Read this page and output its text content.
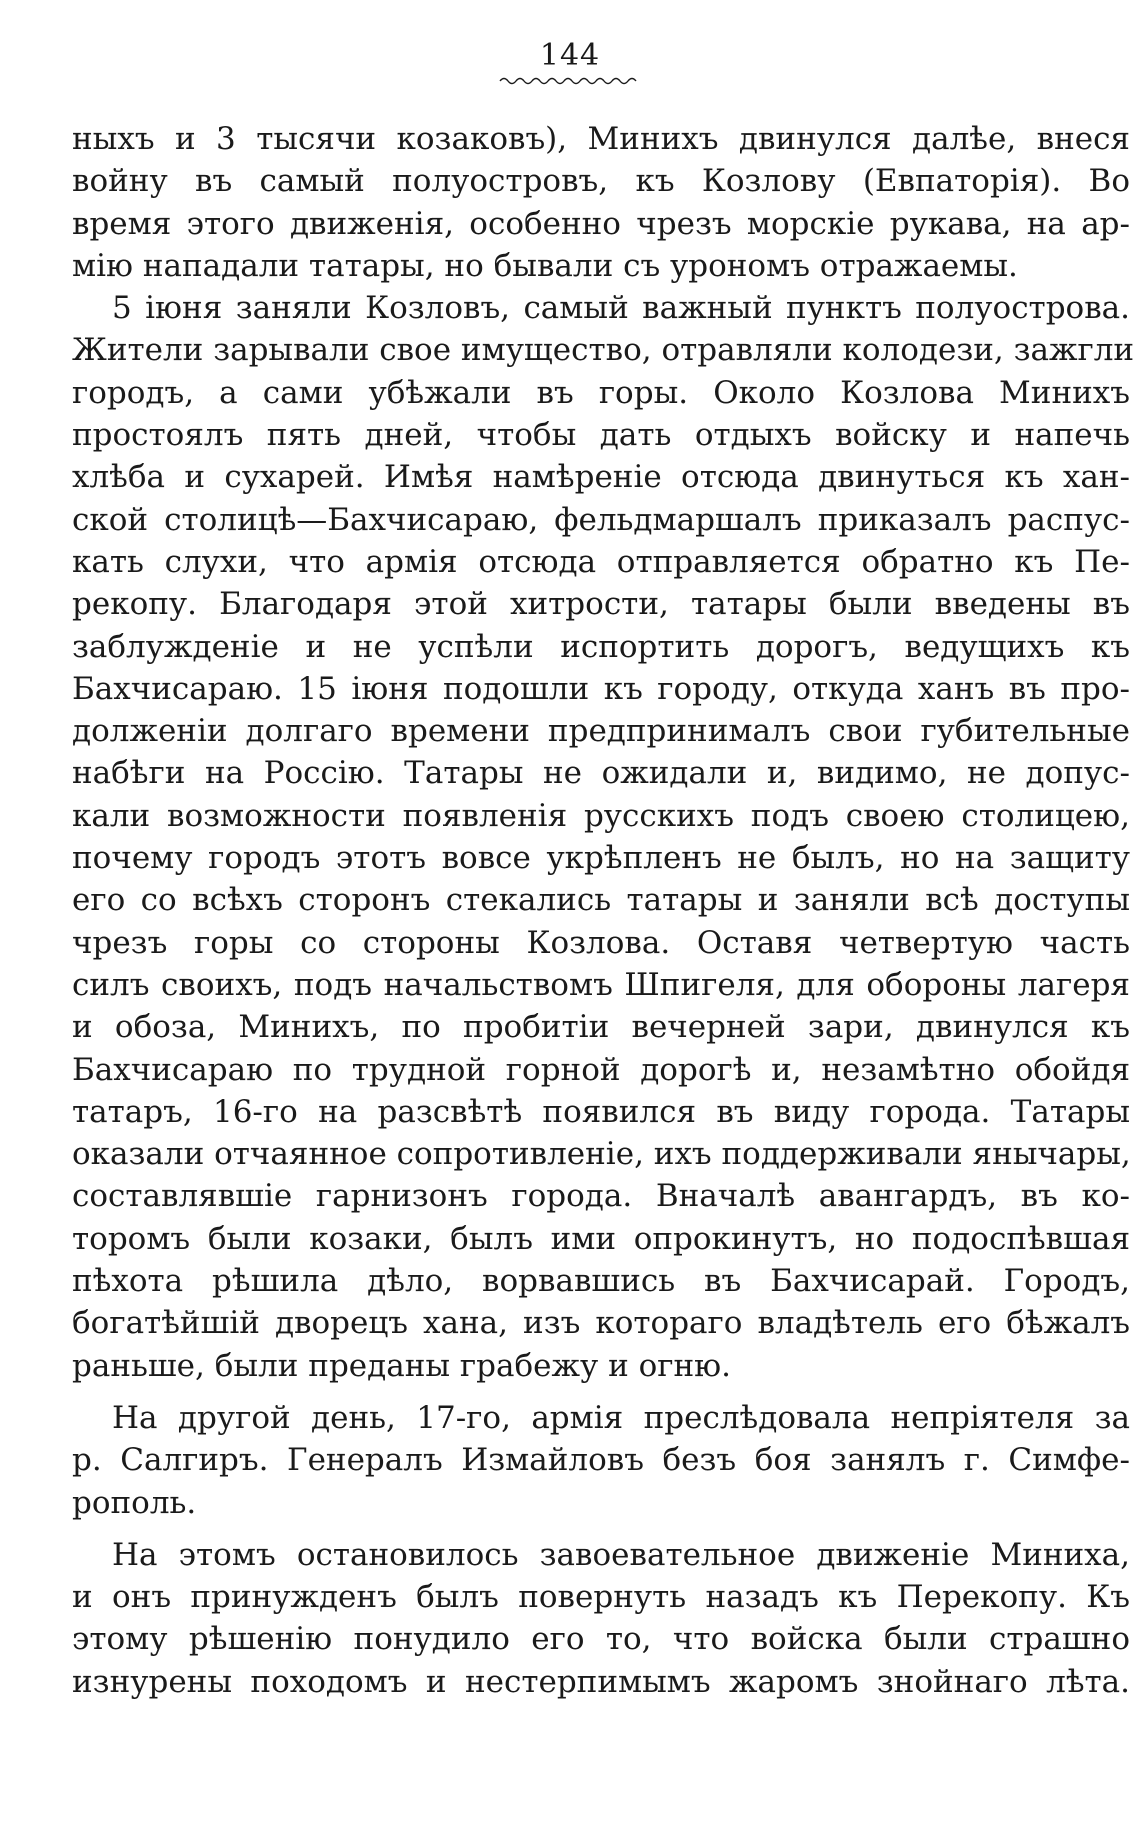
144
ныхъ и 3 тысячи козаковъ), Минихъ двинулся далѣе, внеся
войну въ самый полуостровъ, къ Козлову (Евпаторія). Во
время этого движенія, особенно чрезъ морскіе рукава, на ар-
мію нападали татары, но бывали съ урономъ отражаемы.
5 іюня заняли Козловъ, самый важный пунктъ полуострова.
Жители зарывали свое имущество, отравляли колодези, зажгли
городъ, а сами убѣжали въ горы. Около Козлова Минихъ
простоялъ пять дней, чтобы дать отдыхъ войску и напечь
хлѣба и сухарей. Имѣя намѣреніе отсюда двинуться къ хан-
ской столицѣ—Бахчисараю, фельдмаршалъ приказалъ распус-
кать слухи, что армія отсюда отправляется обратно къ Пе-
рекопу. Благодаря этой хитрости, татары были введены въ
заблужденіе и не успѣли испортить дорогъ, ведущихъ къ
Бахчисараю. 15 іюня подошли къ городу, откуда ханъ въ про-
долженіи долгаго времени предпринималъ свои губительные
набѣги на Россію. Татары не ожидали и, видимо, не допус-
кали возможности появленія русскихъ подъ своею столицею,
почему городъ этотъ вовсе укрѣпленъ не былъ, но на защиту
его со всѣхъ сторонъ стекались татары и заняли всѣ доступы
чрезъ горы со стороны Козлова. Оставя четвертую часть
силъ своихъ, подъ начальствомъ Шпигеля, для обороны лагеря
и обоза, Минихъ, по пробитіи вечерней зари, двинулся къ
Бахчисараю по трудной горной дорогѣ и, незамѣтно обойдя
татаръ, 16-го на разсвѣтѣ появился въ виду города. Татары
оказали отчаянное сопротивленіе, ихъ поддерживали янычары,
составлявшіе гарнизонъ города. Вначалѣ авангардъ, въ ко-
торомъ были козаки, былъ ими опрокинутъ, но подоспѣвшая
пѣхота рѣшила дѣло, ворвавшись въ Бахчисарай. Городъ,
богатѣйшій дворецъ хана, изъ котораго владѣтель его бѣжалъ
раньше, были преданы грабежу и огню.
На другой день, 17-го, армія преслѣдовала непріятеля за
р. Салгиръ. Генералъ Измайловъ безъ боя занялъ г. Симфе-
рополь.
На этомъ остановилось завоевательное движеніе Миниха,
и онъ принужденъ былъ повернуть назадъ къ Перекопу. Къ
этому рѣшенію понудило его то, что войска были страшно
изнурены походомъ и нестерпимымъ жаромъ знойнаго лѣта.
